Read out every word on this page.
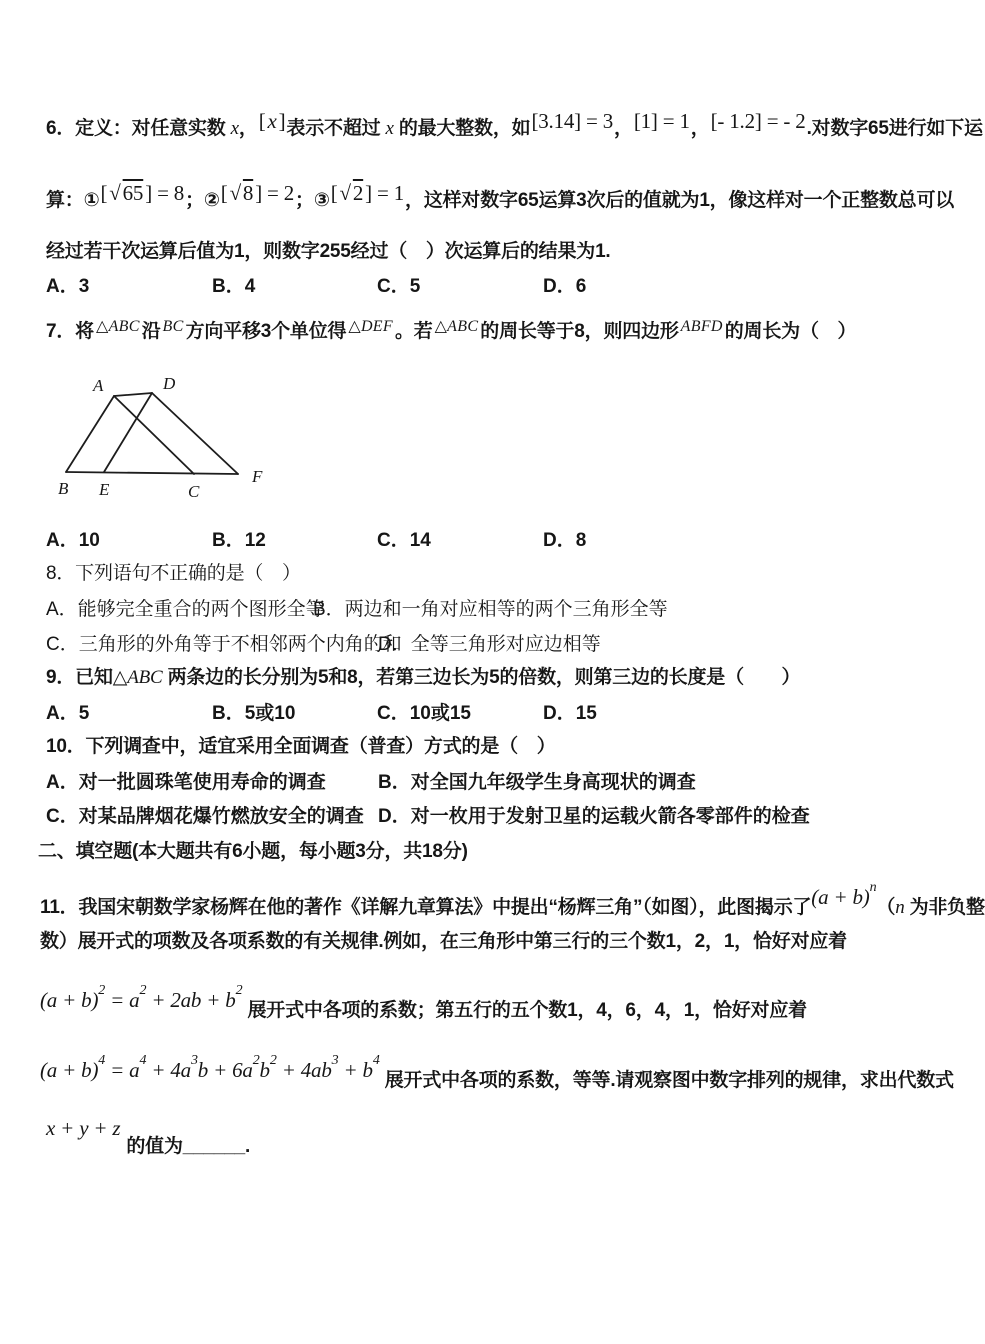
6．定义：对任意实数 x，[x]表示不超过 x 的最大整数，如[3.14] = 3，[1] = 1，[- 1.2] = - 2.对数字65进行如下运
算：①[√65] = 8；②[√8] = 2；③[√2] = 1，这样对数字65运算3次后的值就为1，像这样对一个正整数总可以
经过若干次运算后值为1，则数字255经过（　）次运算后的结果为1.
A．3	B．4	C．5	D．6
7．将 $^{\triangle ABC}$ 沿 $^{BC}$ 方向平移3个单位得 $^{\triangle DEF}$ 。若 $^{\triangle ABC}$ 的周长等于8，则四边形 $^{ABFD}$ 的周长为（　）
A	D
B E	C
F
A．10	B．12	C．14	D．8
8．下列语句不正确的是（　）
A．能够完全重合的两个图形全等
B．两边和一角对应相等的两个三角形全等
C．三角形的外角等于不相邻两个内角的和
D．全等三角形对应边相等
9．已知△ABC 两条边的长分别为5和8，若第三边长为5的倍数，则第三边的长度是（　　）
A．5	B．5或10	C．10或15	D．15
10．下列调查中，适宜采用全面调查（普查）方式的是（　）
A．对一批圆珠笔使用寿命的调查	B．对全国九年级学生身高现状的调查
C．对某品牌烟花爆竹燃放安全的调查 D．对一枚用于发射卫星的运载火箭各零部件的检查
二、填空题(本大题共有6小题，每小题3分，共18分)
11．我国宋朝数学家杨辉在他的著作《详解九章算法》中提出“杨辉三角”（如图），此图揭示了$(a + b)^n(n$ 为非负整
数）展开式的项数及各项系数的有关规律.例如，在三角形中第三行的三个数1，2，1，恰好对应着
$(a + b)^2 = a^2 + 2ab + b^2$ 展开式中各项的系数；第五行的五个数1，4，6，4，1，恰好对应着
$(a + b)^4 = a^4 + 4a^3b + 6a^2b^2 + 4ab^3 + b^4$ 展开式中各项的系数，等等.请观察图中数字排列的规律，求出代数式
x + y + z的值为______.
